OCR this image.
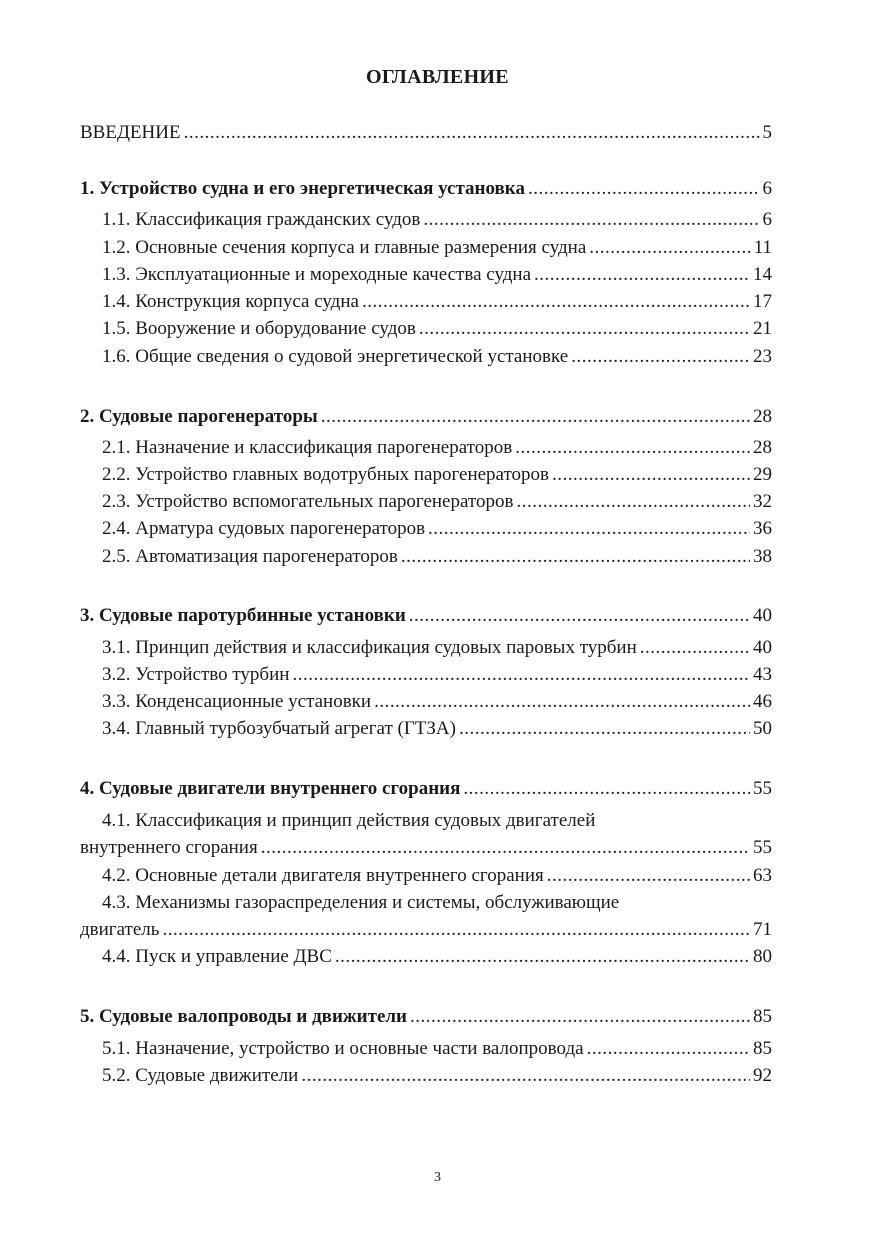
ОГЛАВЛЕНИЕ
ВВЕДЕНИЕ .....	5
1. Устройство судна и его энергетическая установка .....	6
1.1. Классификация гражданских судов .....	6
1.2. Основные сечения корпуса и главные размерения судна .....	11
1.3. Эксплуатационные и мореходные качества судна .....	14
1.4. Конструкция корпуса судна .....	17
1.5. Вооружение и оборудование судов .....	21
1.6. Общие сведения о судовой энергетической установке .....	23
2. Судовые парогенераторы .....	28
2.1. Назначение и классификация парогенераторов .....	28
2.2. Устройство главных водотрубных парогенераторов .....	29
2.3. Устройство вспомогательных парогенераторов .....	32
2.4. Арматура судовых парогенераторов .....	36
2.5. Автоматизация парогенераторов .....	38
3. Судовые паротурбинные установки .....	40
3.1. Принцип действия и классификация судовых паровых турбин .....	40
3.2. Устройство турбин .....	43
3.3. Конденсационные установки .....	46
3.4. Главный турбозубчатый агрегат (ГТЗА) .....	50
4. Судовые двигатели внутреннего сгорания .....	55
4.1. Классификация и принцип действия судовых двигателей
внутреннего сгорания .....	55
4.2. Основные детали двигателя внутреннего сгорания .....	63
4.3. Механизмы газораспределения и системы, обслуживающие
двигатель .....	71
4.4. Пуск и управление ДВС .....	80
5. Судовые валопроводы и движители .....	85
5.1. Назначение, устройство и основные части валопровода .....	85
5.2. Судовые движители .....	92
3
